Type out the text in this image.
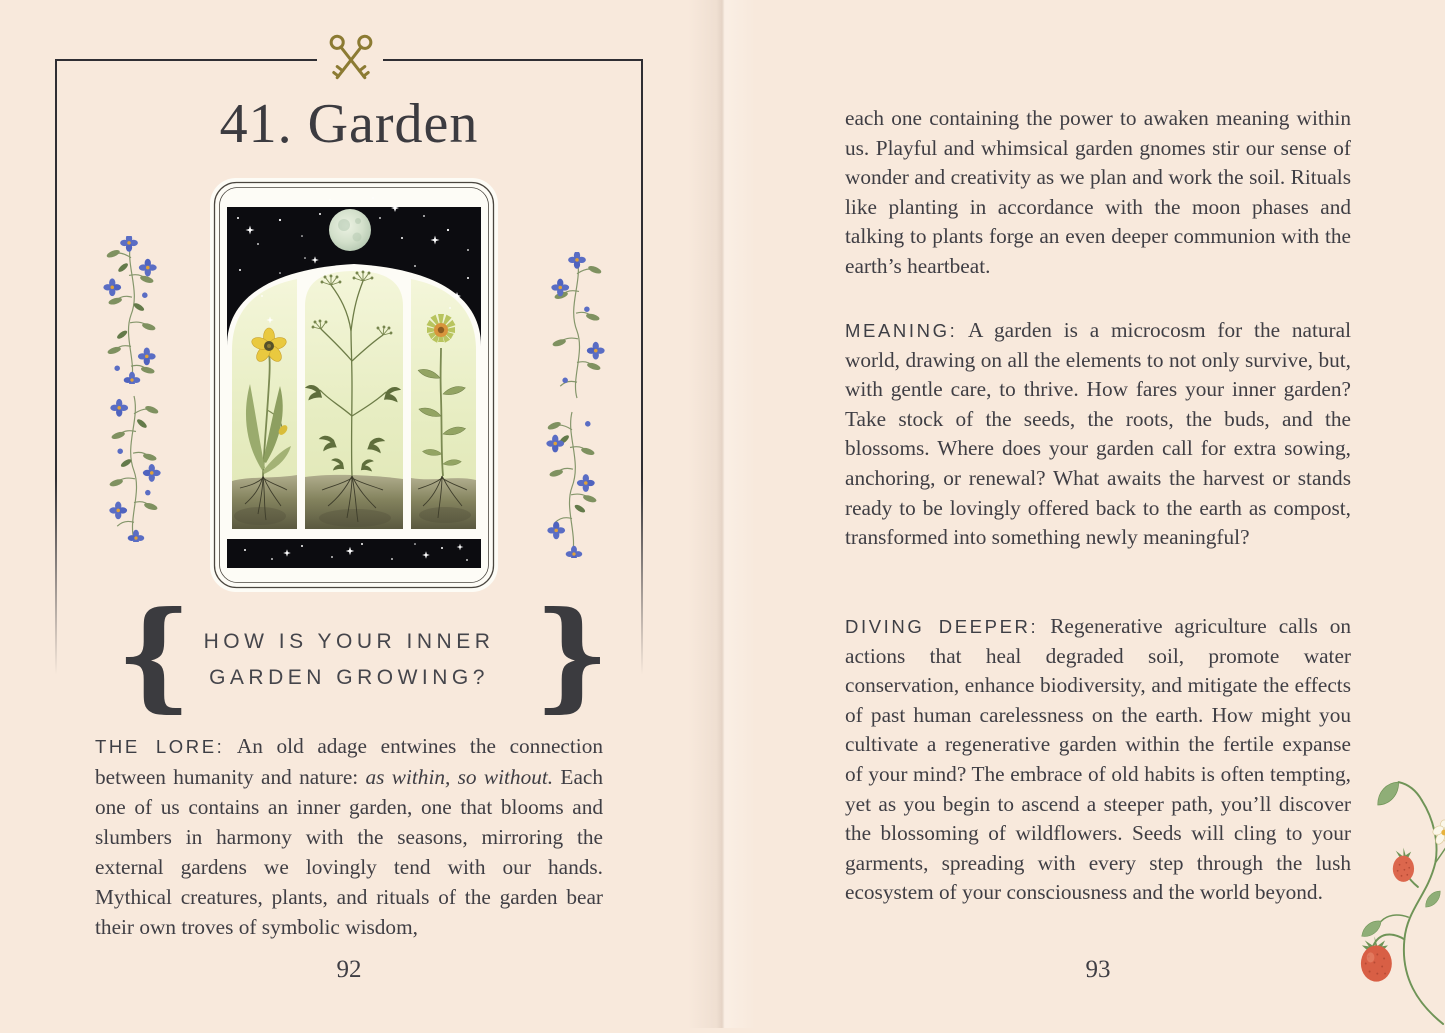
41. Garden
{	}
HOW IS YOUR INNER
GARDEN GROWING?

THE LORE: An old adage entwines the connection between humanity and nature: as within, so without. Each one of us contains an inner garden, one that blooms and slumbers in harmony with the seasons, mirroring the external gardens we lovingly tend with our hands. Mythical creatures, plants, and rituals of the garden bear their own troves of symbolic wisdom,

92

each one containing the power to awaken meaning within us. Playful and whimsical garden gnomes stir our sense of wonder and creativity as we plan and work the soil. Rituals like planting in accordance with the moon phases and talking to plants forge an even deeper communion with the earth’s heartbeat.

MEANING: A garden is a microcosm for the natural world, drawing on all the elements to not only survive, but, with gentle care, to thrive. How fares your inner garden? Take stock of the seeds, the roots, the buds, and the blossoms. Where does your garden call for extra sowing, anchoring, or renewal? What awaits the harvest or stands ready to be lovingly offered back to the earth as compost, transformed into something newly meaningful?

DIVING DEEPER: Regenerative agriculture calls on actions that heal degraded soil, promote water conservation, enhance biodiversity, and mitigate the effects of past human carelessness on the earth. How might you cultivate a regenerative garden within the fertile expanse of your mind? The embrace of old habits is often tempting, yet as you begin to ascend a steeper path, you’ll discover the blossoming of wildflowers. Seeds will cling to your garments, spreading with every step through the lush ecosystem of your consciousness and the world beyond.

93
